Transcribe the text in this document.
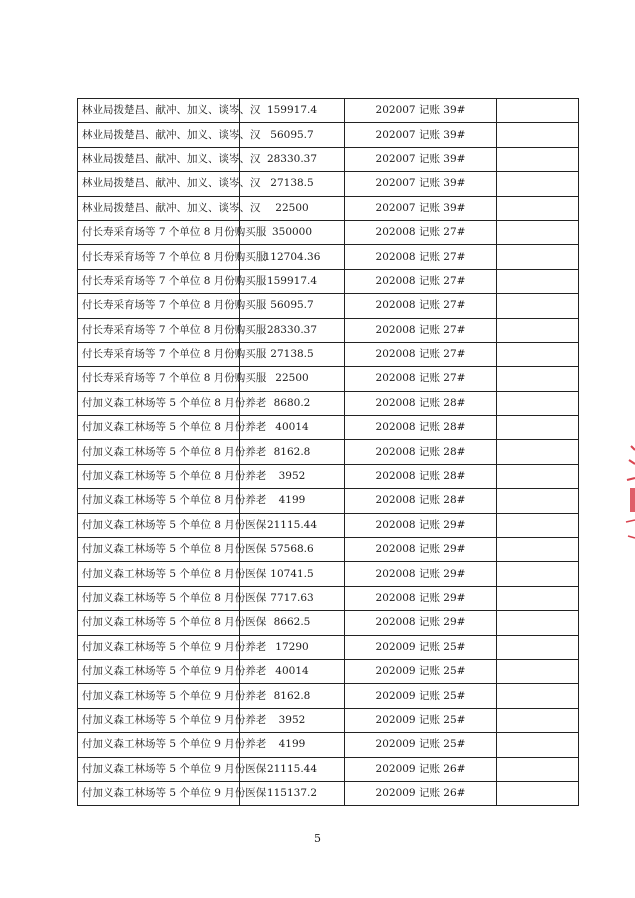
林业局拨楚昌、献冲、加义、谈岑、汉	159917.4	202007 记账 39#	
林业局拨楚昌、献冲、加义、谈岑、汉	56095.7	202007 记账 39#	
林业局拨楚昌、献冲、加义、谈岑、汉	28330.37	202007 记账 39#	
林业局拨楚昌、献冲、加义、谈岑、汉	27138.5	202007 记账 39#	
林业局拨楚昌、献冲、加义、谈岑、汉	22500	202007 记账 39#	
付长寿采育场等 7 个单位 8 月份购买服	350000	202008 记账 27#	
付长寿采育场等 7 个单位 8 月份购买服	112704.36	202008 记账 27#	
付长寿采育场等 7 个单位 8 月份购买服	159917.4	202008 记账 27#	
付长寿采育场等 7 个单位 8 月份购买服	56095.7	202008 记账 27#	
付长寿采育场等 7 个单位 8 月份购买服	28330.37	202008 记账 27#	
付长寿采育场等 7 个单位 8 月份购买服	27138.5	202008 记账 27#	
付长寿采育场等 7 个单位 8 月份购买服	22500	202008 记账 27#	
付加义森工林场等 5 个单位 8 月份养老	8680.2	202008 记账 28#	
付加义森工林场等 5 个单位 8 月份养老	40014	202008 记账 28#	
付加义森工林场等 5 个单位 8 月份养老	8162.8	202008 记账 28#	
付加义森工林场等 5 个单位 8 月份养老	3952	202008 记账 28#	
付加义森工林场等 5 个单位 8 月份养老	4199	202008 记账 28#	
付加义森工林场等 5 个单位 8 月份医保	21115.44	202008 记账 29#	
付加义森工林场等 5 个单位 8 月份医保	57568.6	202008 记账 29#	
付加义森工林场等 5 个单位 8 月份医保	10741.5	202008 记账 29#	
付加义森工林场等 5 个单位 8 月份医保	7717.63	202008 记账 29#	
付加义森工林场等 5 个单位 8 月份医保	8662.5	202008 记账 29#	
付加义森工林场等 5 个单位 9 月份养老	17290	202009 记账 25#	
付加义森工林场等 5 个单位 9 月份养老	40014	202009 记账 25#	
付加义森工林场等 5 个单位 9 月份养老	8162.8	202009 记账 25#	
付加义森工林场等 5 个单位 9 月份养老	3952	202009 记账 25#	
付加义森工林场等 5 个单位 9 月份养老	4199	202009 记账 25#	
付加义森工林场等 5 个单位 9 月份医保	21115.44	202009 记账 26#	
付加义森工林场等 5 个单位 9 月份医保	115137.2	202009 记账 26#	
5
